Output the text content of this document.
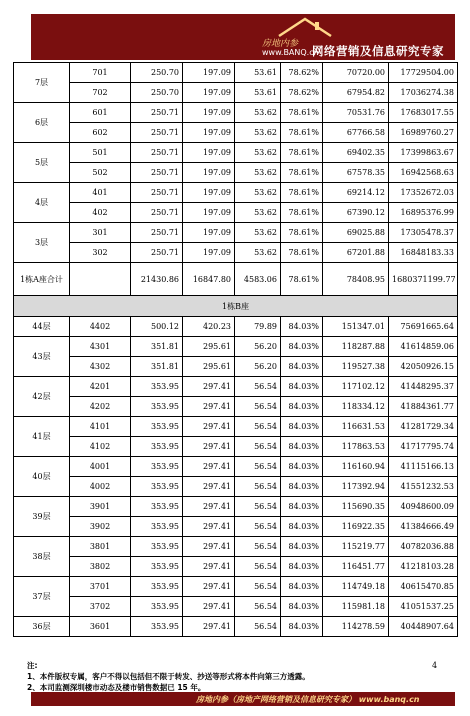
房地内参
www.BANQ.cn
网络营销及信息研究专家
7层	701	250.70	197.09	53.61	78.62%	70720.00	17729504.00
	702	250.70	197.09	53.61	78.62%	67954.82	17036274.38
6层	601	250.71	197.09	53.62	78.61%	70531.76	17683017.55
	602	250.71	197.09	53.62	78.61%	67766.58	16989760.27
5层	501	250.71	197.09	53.62	78.61%	69402.35	17399863.67
	502	250.71	197.09	53.62	78.61%	67578.35	16942568.63
4层	401	250.71	197.09	53.62	78.61%	69214.12	17352672.03
	402	250.71	197.09	53.62	78.61%	67390.12	16895376.99
3层	301	250.71	197.09	53.62	78.61%	69025.88	17305478.37
	302	250.71	197.09	53.62	78.61%	67201.88	16848183.33
1栋A座合计		21430.86	16847.80	4583.06	78.61%	78408.95	1680371199.77
1栋B座							
44层	4402	500.12	420.23	79.89	84.03%	151347.01	75691665.64
43层	4301	351.81	295.61	56.20	84.03%	118287.88	41614859.06
	4302	351.81	295.61	56.20	84.03%	119527.38	42050926.15
42层	4201	353.95	297.41	56.54	84.03%	117102.12	41448295.37
	4202	353.95	297.41	56.54	84.03%	118334.12	41884361.77
41层	4101	353.95	297.41	56.54	84.03%	116631.53	41281729.34
	4102	353.95	297.41	56.54	84.03%	117863.53	41717795.74
40层	4001	353.95	297.41	56.54	84.03%	116160.94	41115166.13
	4002	353.95	297.41	56.54	84.03%	117392.94	41551232.53
39层	3901	353.95	297.41	56.54	84.03%	115690.35	40948600.09
	3902	353.95	297.41	56.54	84.03%	116922.35	41384666.49
38层	3801	353.95	297.41	56.54	84.03%	115219.77	40782036.88
	3802	353.95	297.41	56.54	84.03%	116451.77	41218103.28
37层	3701	353.95	297.41	56.54	84.03%	114749.18	40615470.85
	3702	353.95	297.41	56.54	84.03%	115981.18	41051537.25
36层	3601	353.95	297.41	56.54	84.03%	114278.59	40448907.64
注:
1、本件版权专属，客户不得以包括但不限于转发、抄送等形式将本件向第三方透露。
2、本司监测深圳楼市动态及楼市销售数据已 15 年。
4
房地内参（房地产网络营销及信息研究专家） www.banq.cn
